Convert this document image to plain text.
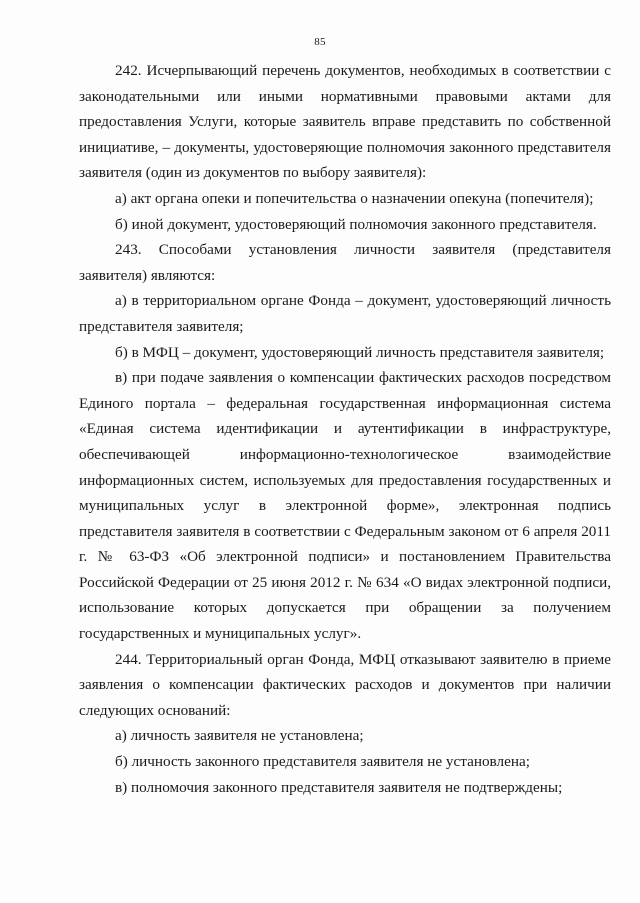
85

242. Исчерпывающий перечень документов, необходимых в соответствии с законодательными или иными нормативными правовыми актами для предоставления Услуги, которые заявитель вправе представить по собственной инициативе, – документы, удостоверяющие полномочия законного представителя заявителя (один из документов по выбору заявителя):

а) акт органа опеки и попечительства о назначении опекуна (попечителя);

б) иной документ, удостоверяющий полномочия законного представителя.

243. Способами установления личности заявителя (представителя заявителя) являются:

а) в территориальном органе Фонда – документ, удостоверяющий личность представителя заявителя;

б) в МФЦ – документ, удостоверяющий личность представителя заявителя;

в) при подаче заявления о компенсации фактических расходов посредством Единого портала – федеральная государственная информационная система «Единая система идентификации и аутентификации в инфраструктуре, обеспечивающей информационно-технологическое взаимодействие информационных систем, используемых для предоставления государственных и муниципальных услуг в электронной форме», электронная подпись представителя заявителя в соответствии с Федеральным законом от 6 апреля 2011 г. № 63-ФЗ «Об электронной подписи» и постановлением Правительства Российской Федерации от 25 июня 2012 г. № 634 «О видах электронной подписи, использование которых допускается при обращении за получением государственных и муниципальных услуг».

244. Территориальный орган Фонда, МФЦ отказывают заявителю в приеме заявления о компенсации фактических расходов и документов при наличии следующих оснований:

а) личность заявителя не установлена;

б) личность законного представителя заявителя не установлена;

в) полномочия законного представителя заявителя не подтверждены;
